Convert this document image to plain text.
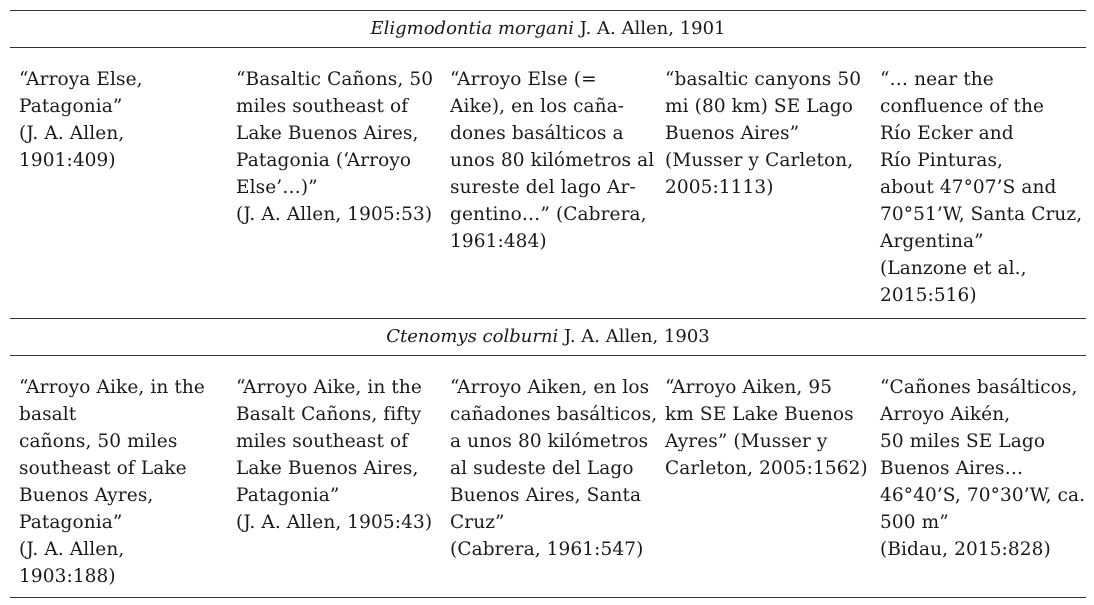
Eligmodontia morgani J. A. Allen, 1901
“Arroya Else,
Patagonia”
(J. A. Allen,
1901:409)
“Basaltic Cañons, 50
miles southeast of
Lake Buenos Aires,
Patagonia (‘Arroyo
Else’…)”
(J. A. Allen, 1905:53)
“Arroyo Else (=
Aike), en los caña-
dones basálticos a
unos 80 kilómetros al
sureste del lago Ar-
gentino…” (Cabrera,
1961:484)
“basaltic canyons 50
mi (80 km) SE Lago
Buenos Aires”
(Musser y Carleton,
2005:1113)
“… near the
confluence of the
Río Ecker and
Río Pinturas,
about 47°07’S and
70°51’W, Santa Cruz,
Argentina”
(Lanzone et al.,
2015:516)
Ctenomys colburni J. A. Allen, 1903
“Arroyo Aike, in the
basalt
cañons, 50 miles
southeast of Lake
Buenos Ayres,
Patagonia”
(J. A. Allen,
1903:188)
“Arroyo Aike, in the
Basalt Cañons, fifty
miles southeast of
Lake Buenos Aires,
Patagonia”
(J. A. Allen, 1905:43)
“Arroyo Aiken, en los
cañadones basálticos,
a unos 80 kilómetros
al sudeste del Lago
Buenos Aires, Santa
Cruz”
(Cabrera, 1961:547)
“Arroyo Aiken, 95
km SE Lake Buenos
Ayres” (Musser y
Carleton, 2005:1562)
“Cañones basálticos,
Arroyo Aikén,
50 miles SE Lago
Buenos Aires…
46°40’S, 70°30’W, ca.
500 m”
(Bidau, 2015:828)
